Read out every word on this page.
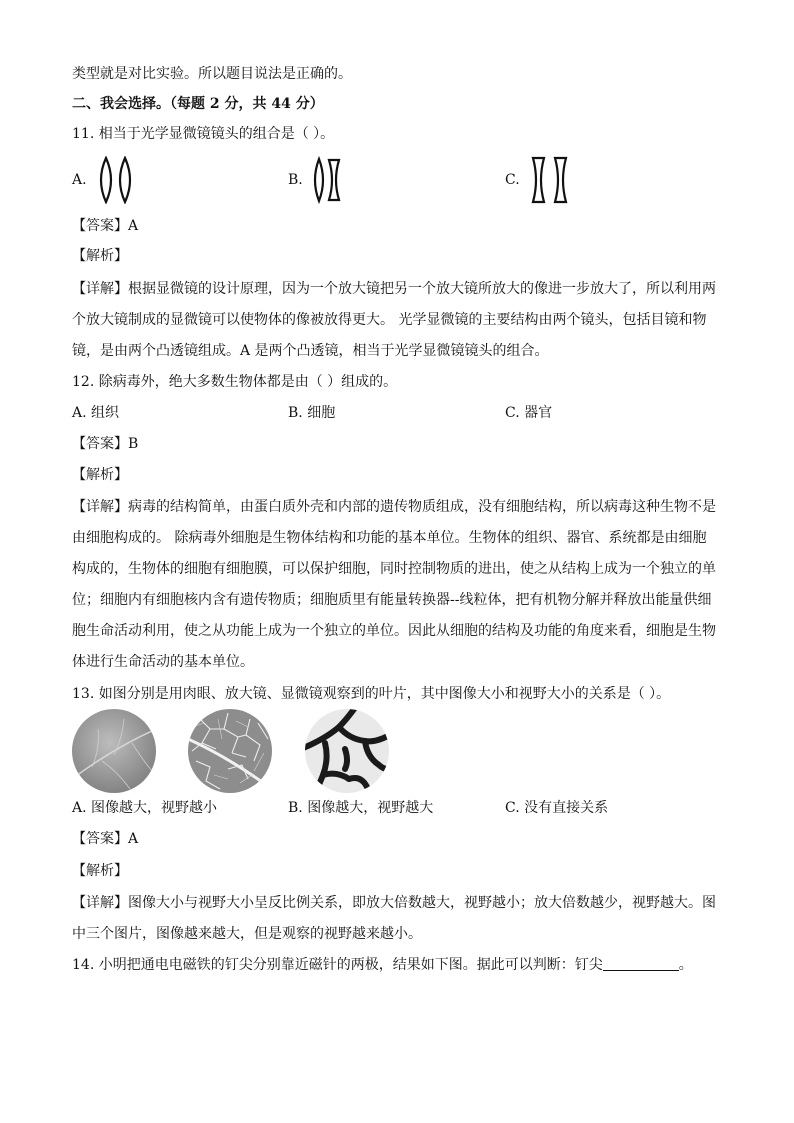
类型就是对比实验。所以题目说法是正确的。
二、我会选择。（每题 2 分，共 44 分）
11. 相当于光学显微镜镜头的组合是（ ）。
A.	B.	C.
【答案】A
【解析】
【详解】根据显微镜的设计原理，因为一个放大镜把另一个放大镜所放大的像进一步放大了，所以利用两
个放大镜制成的显微镜可以使物体的像被放得更大。 光学显微镜的主要结构由两个镜头，包括目镜和物
镜，是由两个凸透镜组成。A 是两个凸透镜，相当于光学显微镜镜头的组合。
12. 除病毒外，绝大多数生物体都是由（ ）组成的。
A. 组织	B. 细胞	C. 器官
【答案】B
【解析】
【详解】病毒的结构简单，由蛋白质外壳和内部的遗传物质组成，没有细胞结构，所以病毒这种生物不是
由细胞构成的。 除病毒外细胞是生物体结构和功能的基本单位。生物体的组织、器官、系统都是由细胞
构成的，生物体的细胞有细胞膜，可以保护细胞，同时控制物质的进出，使之从结构上成为一个独立的单
位；细胞内有细胞核内含有遗传物质；细胞质里有能量转换器--线粒体，把有机物分解并释放出能量供细
胞生命活动利用，使之从功能上成为一个独立的单位。因此从细胞的结构及功能的角度来看，细胞是生物
体进行生命活动的基本单位。
13. 如图分别是用肉眼、放大镜、显微镜观察到的叶片，其中图像大小和视野大小的关系是（ ）。
A. 图像越大，视野越小	B. 图像越大，视野越大	C. 没有直接关系
【答案】A
【解析】
【详解】图像大小与视野大小呈反比例关系，即放大倍数越大，视野越小；放大倍数越少，视野越大。图
中三个图片，图像越来越大，但是观察的视野越来越小。
14. 小明把通电电磁铁的钉尖分别靠近磁针的两极，结果如下图。据此可以判断：钉尖	。
